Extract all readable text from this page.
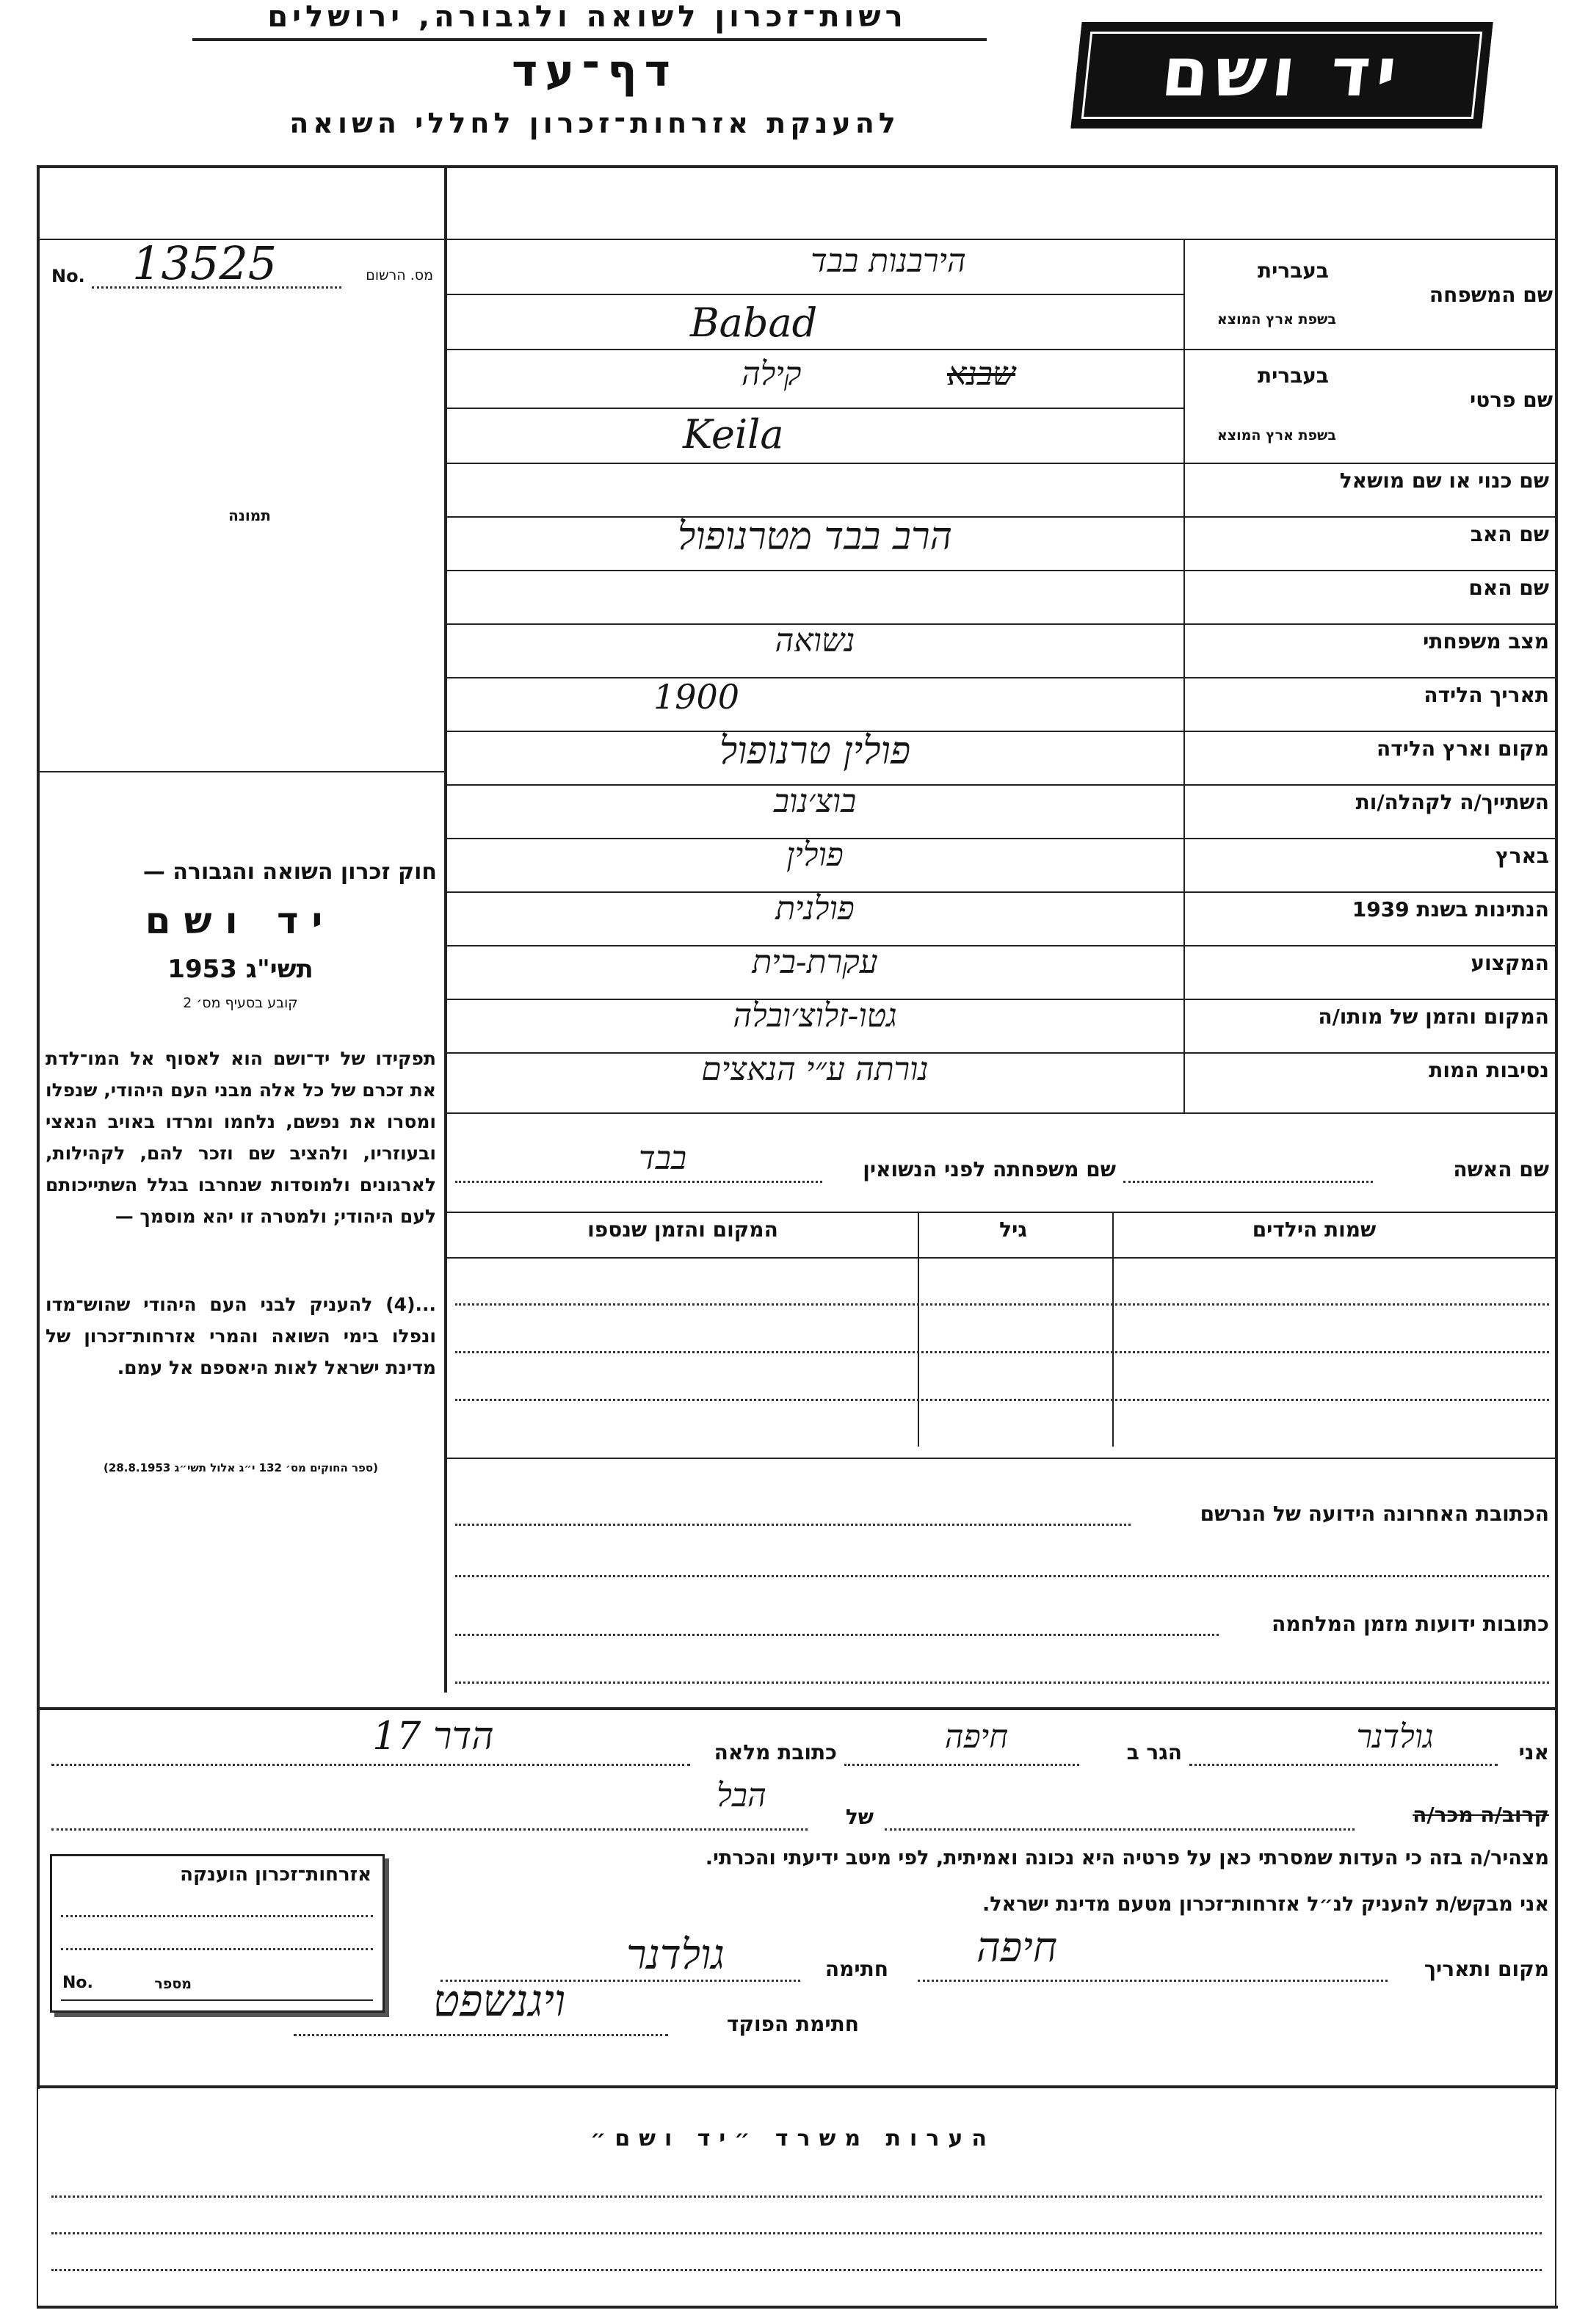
רשות־זכרון לשואה ולגבורה, ירושלים
דף־עד
להענקת אזרחות־זכרון לחללי השואה
יד ושם
No. 13525	מס. הרשום
תמונה
חוק זכרון השואה והגבורה —
יד ושם
תשי"ג 1953
קובע בסעיף מס׳ 2
תפקידו של יד־ושם הוא לאסוף אל המו־לדת את זכרם של כל אלה מבני העם היהודי, שנפלו ומסרו את נפשם, נלחמו ומרדו באויב הנאצי ובעוזריו, ולהציב שם וזכר להם, לקהילות, לארגונים ולמוסדות שנחרבו בגלל השתייכותם לעם היהודי; ולמטרה זו יהא מוסמך —
...(4) להעניק לבני העם היהודי שהוש־מדו ונפלו בימי השואה והמרי אזרחות־זכרון של מדינת ישראל לאות היאספם אל עמם.
(ספר החוקים מס׳ 132 י״ג אלול תשי״ג 28.8.1953)
שם המשפחה
בעברית
בשפת ארץ המוצא
הירבנות בבד
Babad
שם פרטי
בעברית
בשפת ארץ המוצא
שבנא
קילה
Keila
שם כנוי או שם מושאל
שם האב
הרב בבד מטרנופול
שם האם
מצב משפחתי
נשואה
תאריך הלידה
1900
מקום וארץ הלידה
פולין טרנופול
השתייך/ה לקהלה/ות
בוצ׳נוב
בארץ
פולין
הנתינות בשנת 1939
פולנית
המקצוע
עקרת-בית
המקום והזמן של מותו/ה
גטו-זלוצ׳ובלה
נסיבות המות
נורתה ע״י הנאצים
שם האשה
שם משפחתה לפני הנשואין
בבד
שמות הילדים
גיל
המקום והזמן שנספו
הכתובת האחרונה הידועה של הנרשם
כתובות ידועות מזמן המלחמה
אני
גולדנר
הגר ב
חיפה
כתובת מלאה
הדר 17
קרוב/ה מכר/ה
של
הבל
מצהיר/ה בזה כי העדות שמסרתי כאן על פרטיה היא נכונה ואמיתית, לפי מיטב ידיעתי והכרתי.
אני מבקש/ת להעניק לנ״ל אזרחות־זכרון מטעם מדינת ישראל.
מקום ותאריך
חיפה
חתימה
גולדנר
חתימת הפוקד
ויגנשפט
אזרחות־זכרון הוענקה
No.	מספר
הערות משרד ״יד ושם״
